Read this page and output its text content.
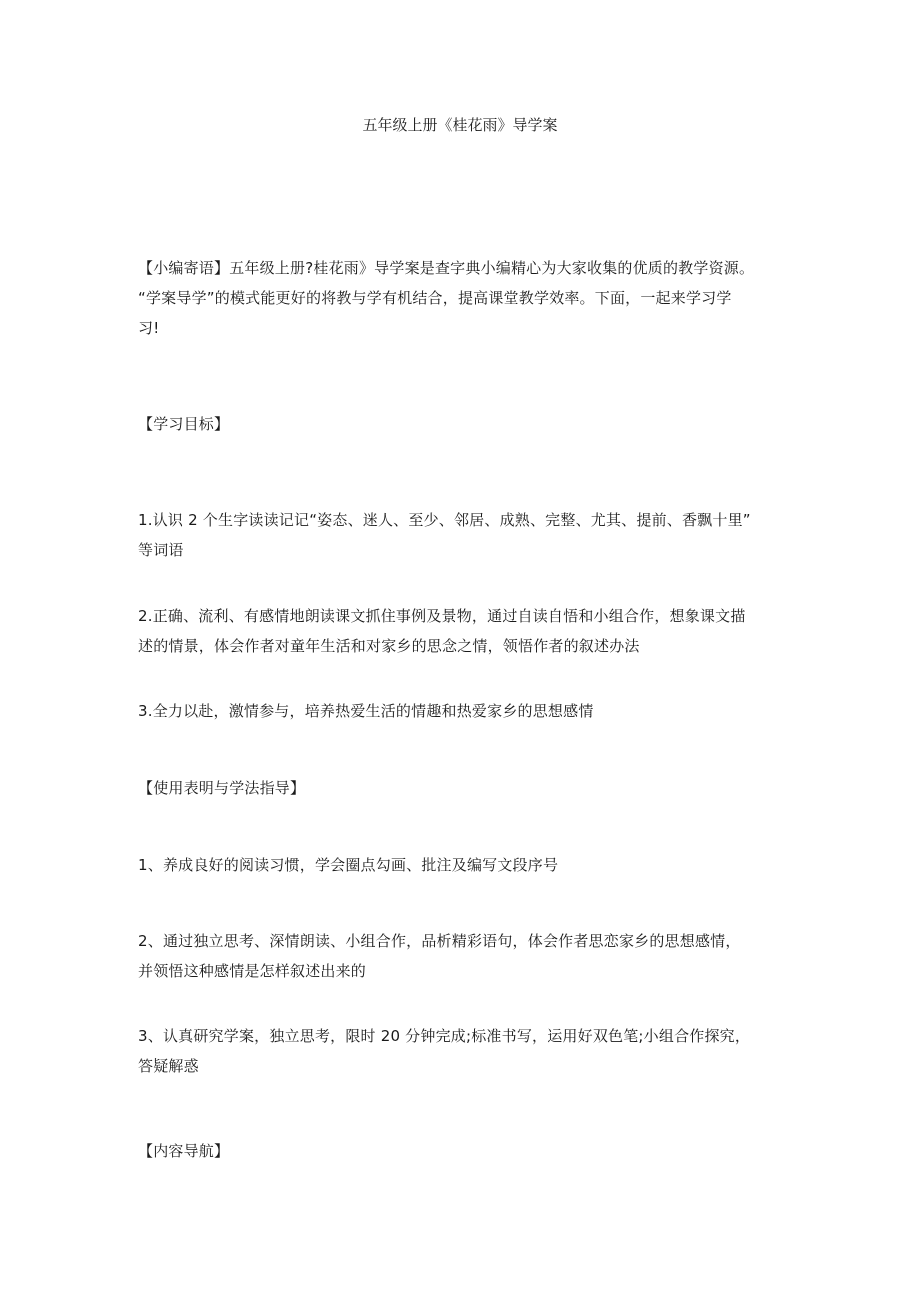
五年级上册《桂花雨》导学案
【小编寄语】五年级上册?桂花雨》导学案是查字典小编精心为大家收集的优质的教学资源。
“学案导学”的模式能更好的将教与学有机结合，提高课堂教学效率。下面，一起来学习学
习!
【学习目标】
1.认识 2 个生字读读记记“姿态、迷人、至少、邻居、成熟、完整、尤其、提前、香飘十里”
等词语
2.正确、流利、有感情地朗读课文抓住事例及景物，通过自读自悟和小组合作，想象课文描
述的情景，体会作者对童年生活和对家乡的思念之情，领悟作者的叙述办法
3.全力以赴，激情参与，培养热爱生活的情趣和热爱家乡的思想感情
【使用表明与学法指导】
1、养成良好的阅读习惯，学会圈点勾画、批注及编写文段序号
2、通过独立思考、深情朗读、小组合作，品析精彩语句，体会作者思恋家乡的思想感情，
并领悟这种感情是怎样叙述出来的
3、认真研究学案，独立思考，限时 20 分钟完成;标准书写，运用好双色笔;小组合作探究，
答疑解惑
【内容导航】
